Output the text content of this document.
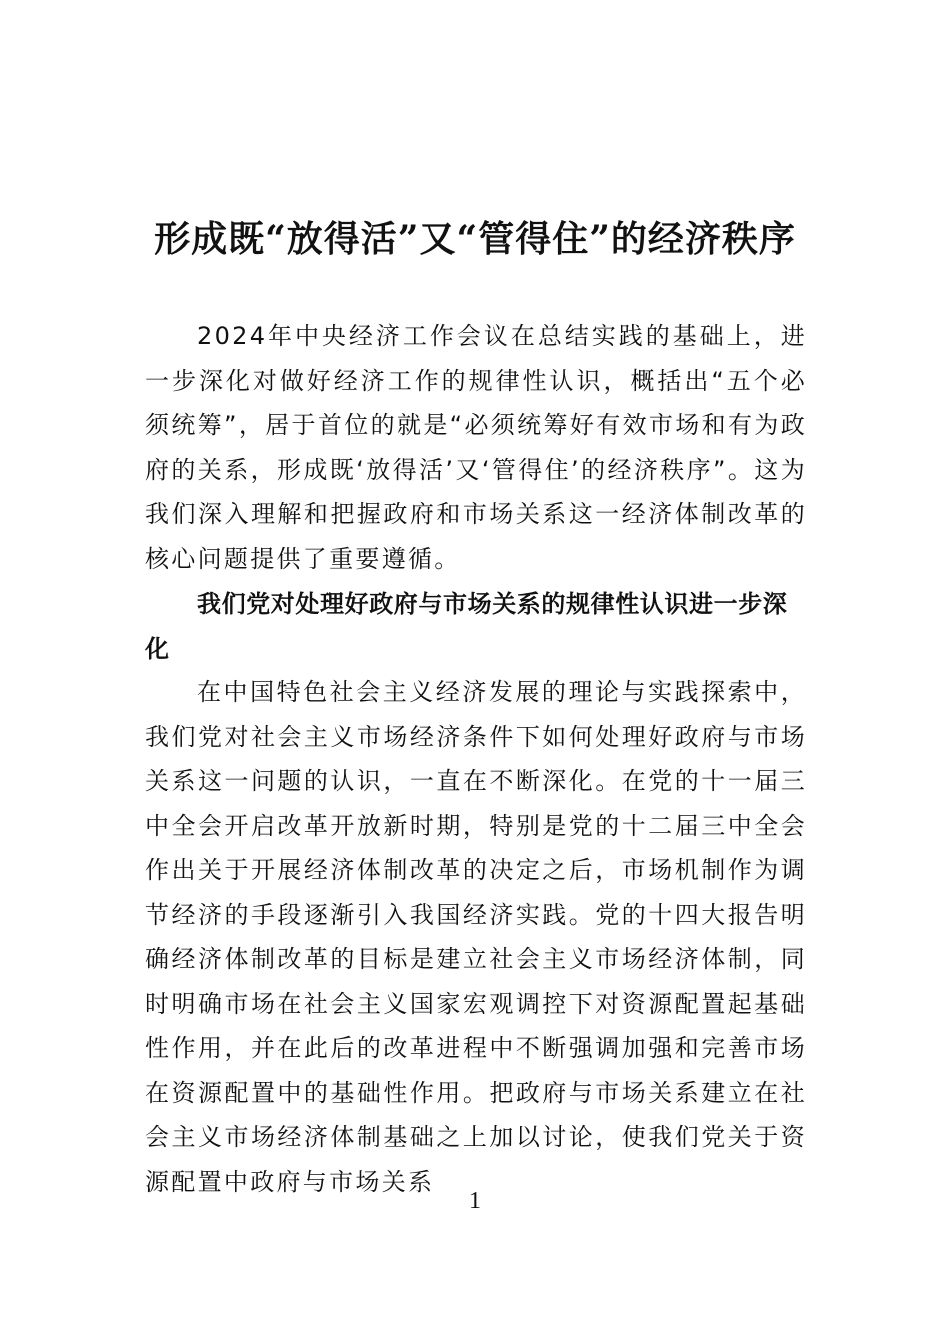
形成既“放得活”又“管得住”的经济秩序

2024年中央经济工作会议在总结实践的基础上，进一步深化对做好经济工作的规律性认识，概括出“五个必须统筹”，居于首位的就是“必须统筹好有效市场和有为政府的关系，形成既‘放得活’又‘管得住’的经济秩序”。这为我们深入理解和把握政府和市场关系这一经济体制改革的核心问题提供了重要遵循。

我们党对处理好政府与市场关系的规律性认识进一步深化

在中国特色社会主义经济发展的理论与实践探索中，我们党对社会主义市场经济条件下如何处理好政府与市场关系这一问题的认识，一直在不断深化。在党的十一届三中全会开启改革开放新时期，特别是党的十二届三中全会作出关于开展经济体制改革的决定之后，市场机制作为调节经济的手段逐渐引入我国经济实践。党的十四大报告明确经济体制改革的目标是建立社会主义市场经济体制，同时明确市场在社会主义国家宏观调控下对资源配置起基础性作用，并在此后的改革进程中不断强调加强和完善市场在资源配置中的基础性作用。把政府与市场关系建立在社会主义市场经济体制基础之上加以讨论，使我们党关于资源配置中政府与市场关系

1
